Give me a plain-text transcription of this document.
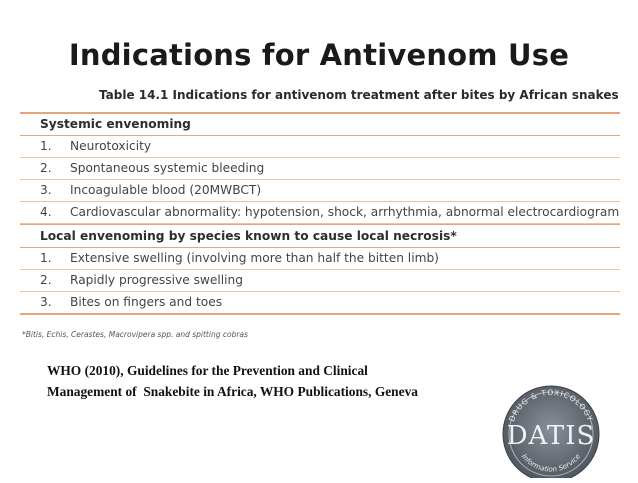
Indications for Antivenom Use
Table 14.1 Indications for antivenom treatment after bites by African snakes
Systemic envenoming
1. Neurotoxicity
2. Spontaneous systemic bleeding
3. Incoagulable blood (20MWBCT)
4. Cardiovascular abnormality: hypotension, shock, arrhythmia, abnormal electrocardiogram
Local envenoming by species known to cause local necrosis*
1. Extensive swelling (involving more than half the bitten limb)
2. Rapidly progressive swelling
3. Bites on fingers and toes
*Bitis, Echis, Cerastes, Macrovipera spp. and spitting cobras
WHO (2010), Guidelines for the Prevention and Clinical
Management of  Snakebite in Africa, WHO Publications, Geneva
DRUG & TOXICOLOGY
DATIS
Information Service
